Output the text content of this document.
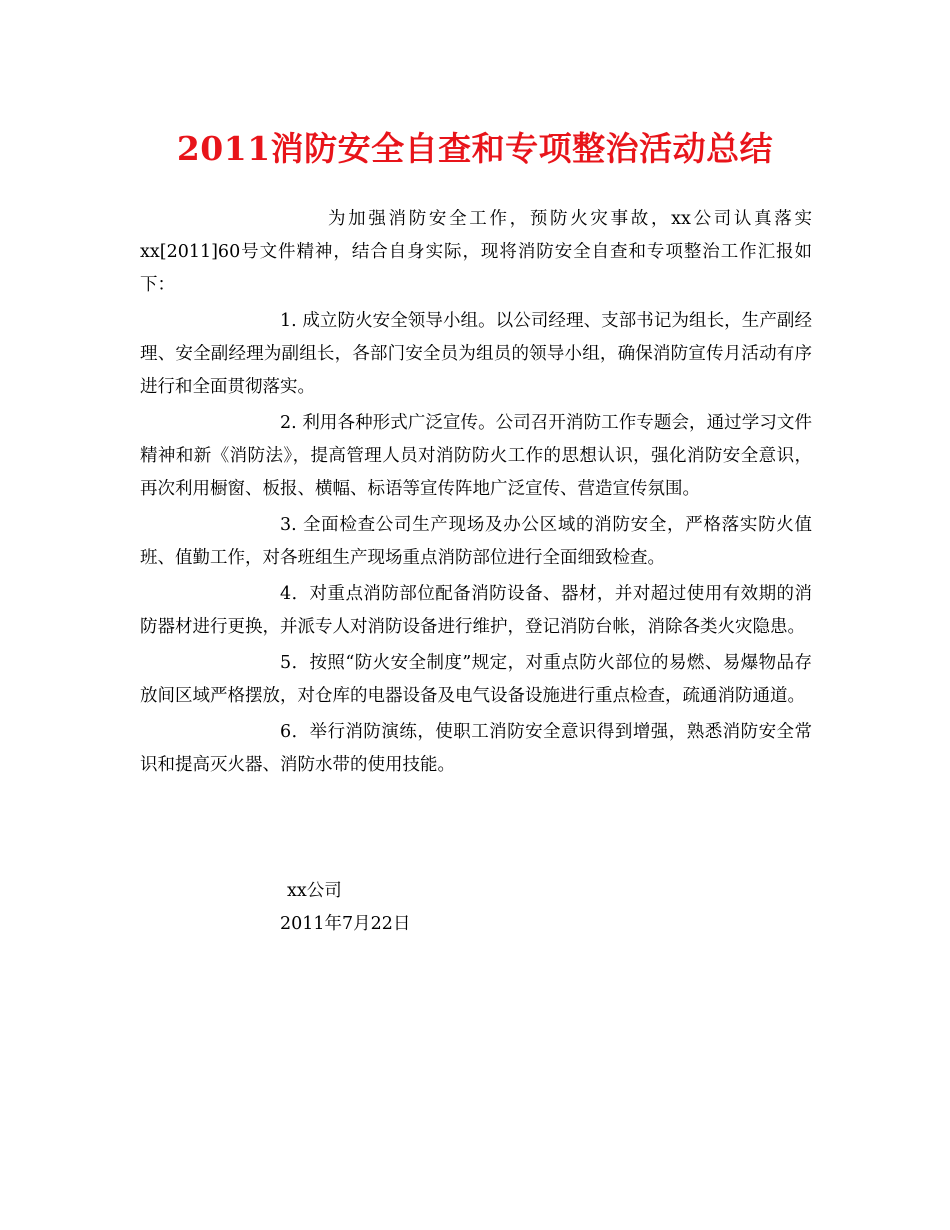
2011消防安全自查和专项整治活动总结

为加强消防安全工作，预防火灾事故，xx公司认真落实xx[2011]60号文件精神，结合自身实际，现将消防安全自查和专项整治工作汇报如下：

1. 成立防火安全领导小组。以公司经理、支部书记为组长，生产副经理、安全副经理为副组长，各部门安全员为组员的领导小组，确保消防宣传月活动有序进行和全面贯彻落实。

2. 利用各种形式广泛宣传。公司召开消防工作专题会，通过学习文件精神和新《消防法》，提高管理人员对消防防火工作的思想认识，强化消防安全意识，再次利用橱窗、板报、横幅、标语等宣传阵地广泛宣传、营造宣传氛围。

3. 全面检查公司生产现场及办公区域的消防安全，严格落实防火值班、值勤工作，对各班组生产现场重点消防部位进行全面细致检查。

4．对重点消防部位配备消防设备、器材，并对超过使用有效期的消防器材进行更换，并派专人对消防设备进行维护，登记消防台帐，消除各类火灾隐患。

5．按照“防火安全制度”规定，对重点防火部位的易燃、易爆物品存放间区域严格摆放，对仓库的电器设备及电气设备设施进行重点检查，疏通消防通道。

6．举行消防演练，使职工消防安全意识得到增强，熟悉消防安全常识和提高灭火器、消防水带的使用技能。

xx公司
2011年7月22日
